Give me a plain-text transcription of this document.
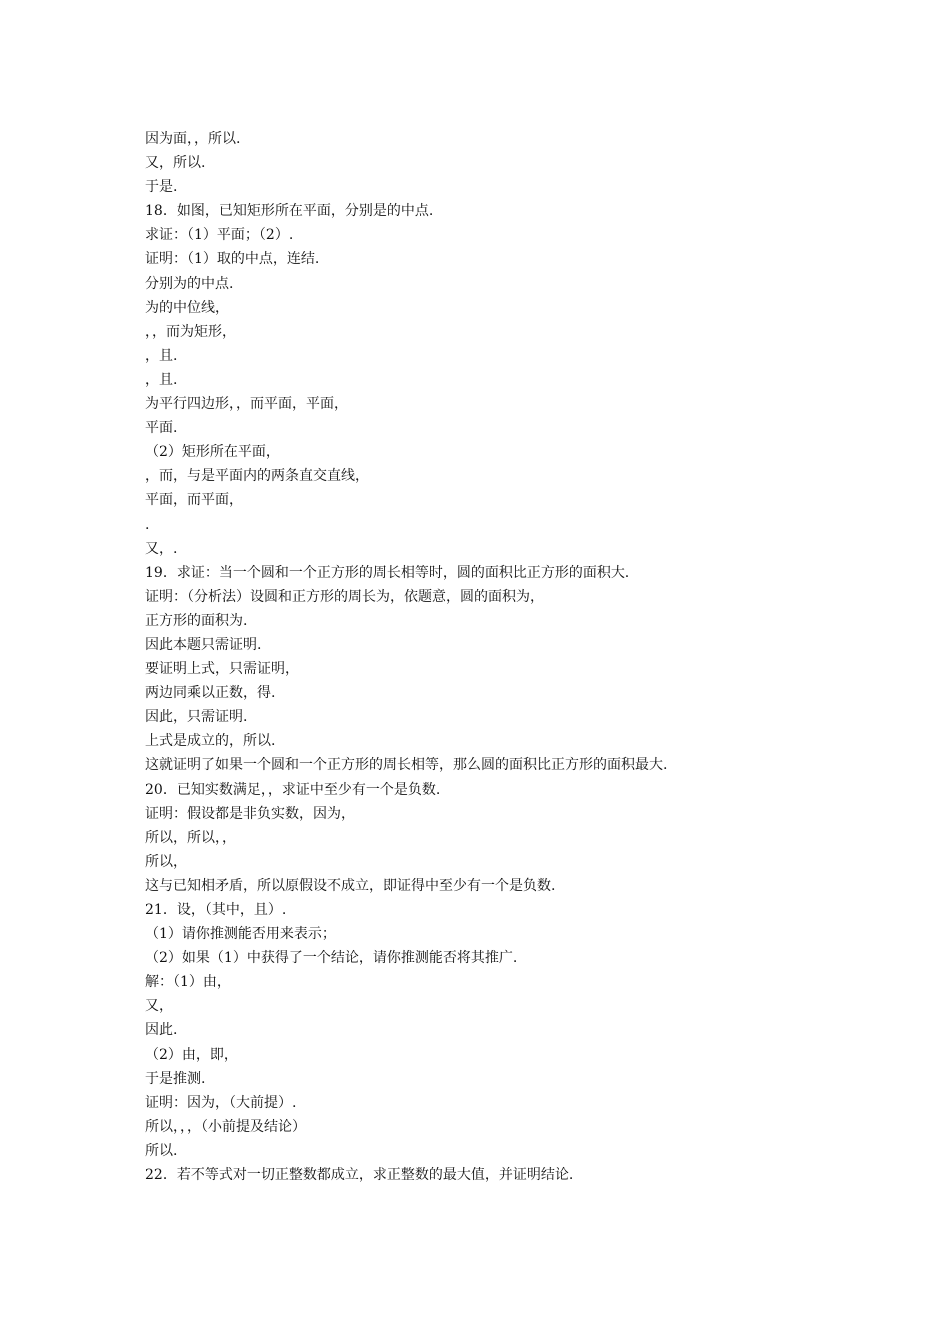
因为面，，所以.

又，所以.

于是.

18．如图，已知矩形所在平面，分别是的中点.

求证：（1）平面；（2）.

证明：（1）取的中点，连结.

分别为的中点.

为的中位线，

，，而为矩形，

，且.

，且.

为平行四边形，，而平面，平面，

平面.

（2）矩形所在平面，

，而，与是平面内的两条直交直线，

平面，而平面，

.

又，.

19．求证：当一个圆和一个正方形的周长相等时，圆的面积比正方形的面积大.

证明：（分析法）设圆和正方形的周长为，依题意，圆的面积为，

正方形的面积为.

因此本题只需证明.

要证明上式，只需证明，

两边同乘以正数，得.

因此，只需证明.

上式是成立的，所以.

这就证明了如果一个圆和一个正方形的周长相等，那么圆的面积比正方形的面积最大.

20．已知实数满足，，求证中至少有一个是负数.

证明：假设都是非负实数，因为，

所以，所以，，

所以，

这与已知相矛盾，所以原假设不成立，即证得中至少有一个是负数.

21．设，（其中，且）.

（1）请你推测能否用来表示；

（2）如果（1）中获得了一个结论，请你推测能否将其推广.

解：（1）由，

又，

因此.

（2）由，即，

于是推测.

证明：因为，（大前提）.

所以，，，（小前提及结论）

所以.

22．若不等式对一切正整数都成立，求正整数的最大值，并证明结论.
